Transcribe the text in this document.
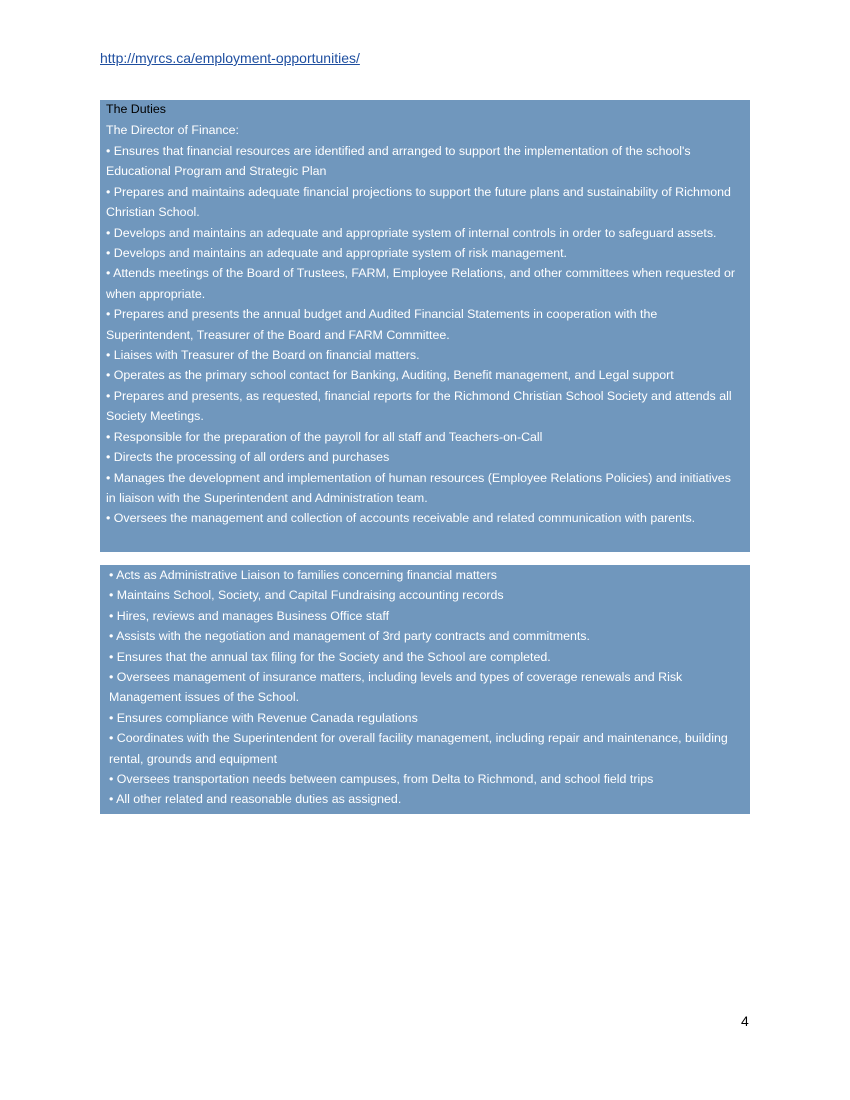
http://myrcs.ca/employment-opportunities/
The Duties
The Director of Finance:
• Ensures that financial resources are identified and arranged to support the implementation of the school's Educational Program and Strategic Plan
• Prepares and maintains adequate financial projections to support the future plans and sustainability of Richmond Christian School.
• Develops and maintains an adequate and appropriate system of internal controls in order to safeguard assets.
• Develops and maintains an adequate and appropriate system of risk management.
• Attends meetings of the Board of Trustees, FARM, Employee Relations, and other committees when requested or when appropriate.
• Prepares and presents the annual budget and Audited Financial Statements in cooperation with the Superintendent, Treasurer of the Board and FARM Committee.
• Liaises with Treasurer of the Board on financial matters.
• Operates as the primary school contact for Banking, Auditing, Benefit management, and Legal support
• Prepares and presents, as requested, financial reports for the Richmond Christian School Society and attends all Society Meetings.
• Responsible for the preparation of the payroll for all staff and Teachers-on-Call
• Directs the processing of all orders and purchases
• Manages the development and implementation of human resources (Employee Relations Policies) and initiatives in liaison with the Superintendent and Administration team.
• Oversees the management and collection of accounts receivable and related communication with parents.
• Acts as Administrative Liaison to families concerning financial matters
• Maintains School, Society, and Capital Fundraising accounting records
• Hires, reviews and manages Business Office staff
• Assists with the negotiation and management of 3rd party contracts and commitments.
• Ensures that the annual tax filing for the Society and the School are completed.
• Oversees management of insurance matters, including levels and types of coverage renewals and Risk Management issues of the School.
• Ensures compliance with Revenue Canada regulations
• Coordinates with the Superintendent for overall facility management, including repair and maintenance, building rental, grounds and equipment
• Oversees transportation needs between campuses, from Delta to Richmond, and school field trips
• All other related and reasonable duties as assigned.
4
